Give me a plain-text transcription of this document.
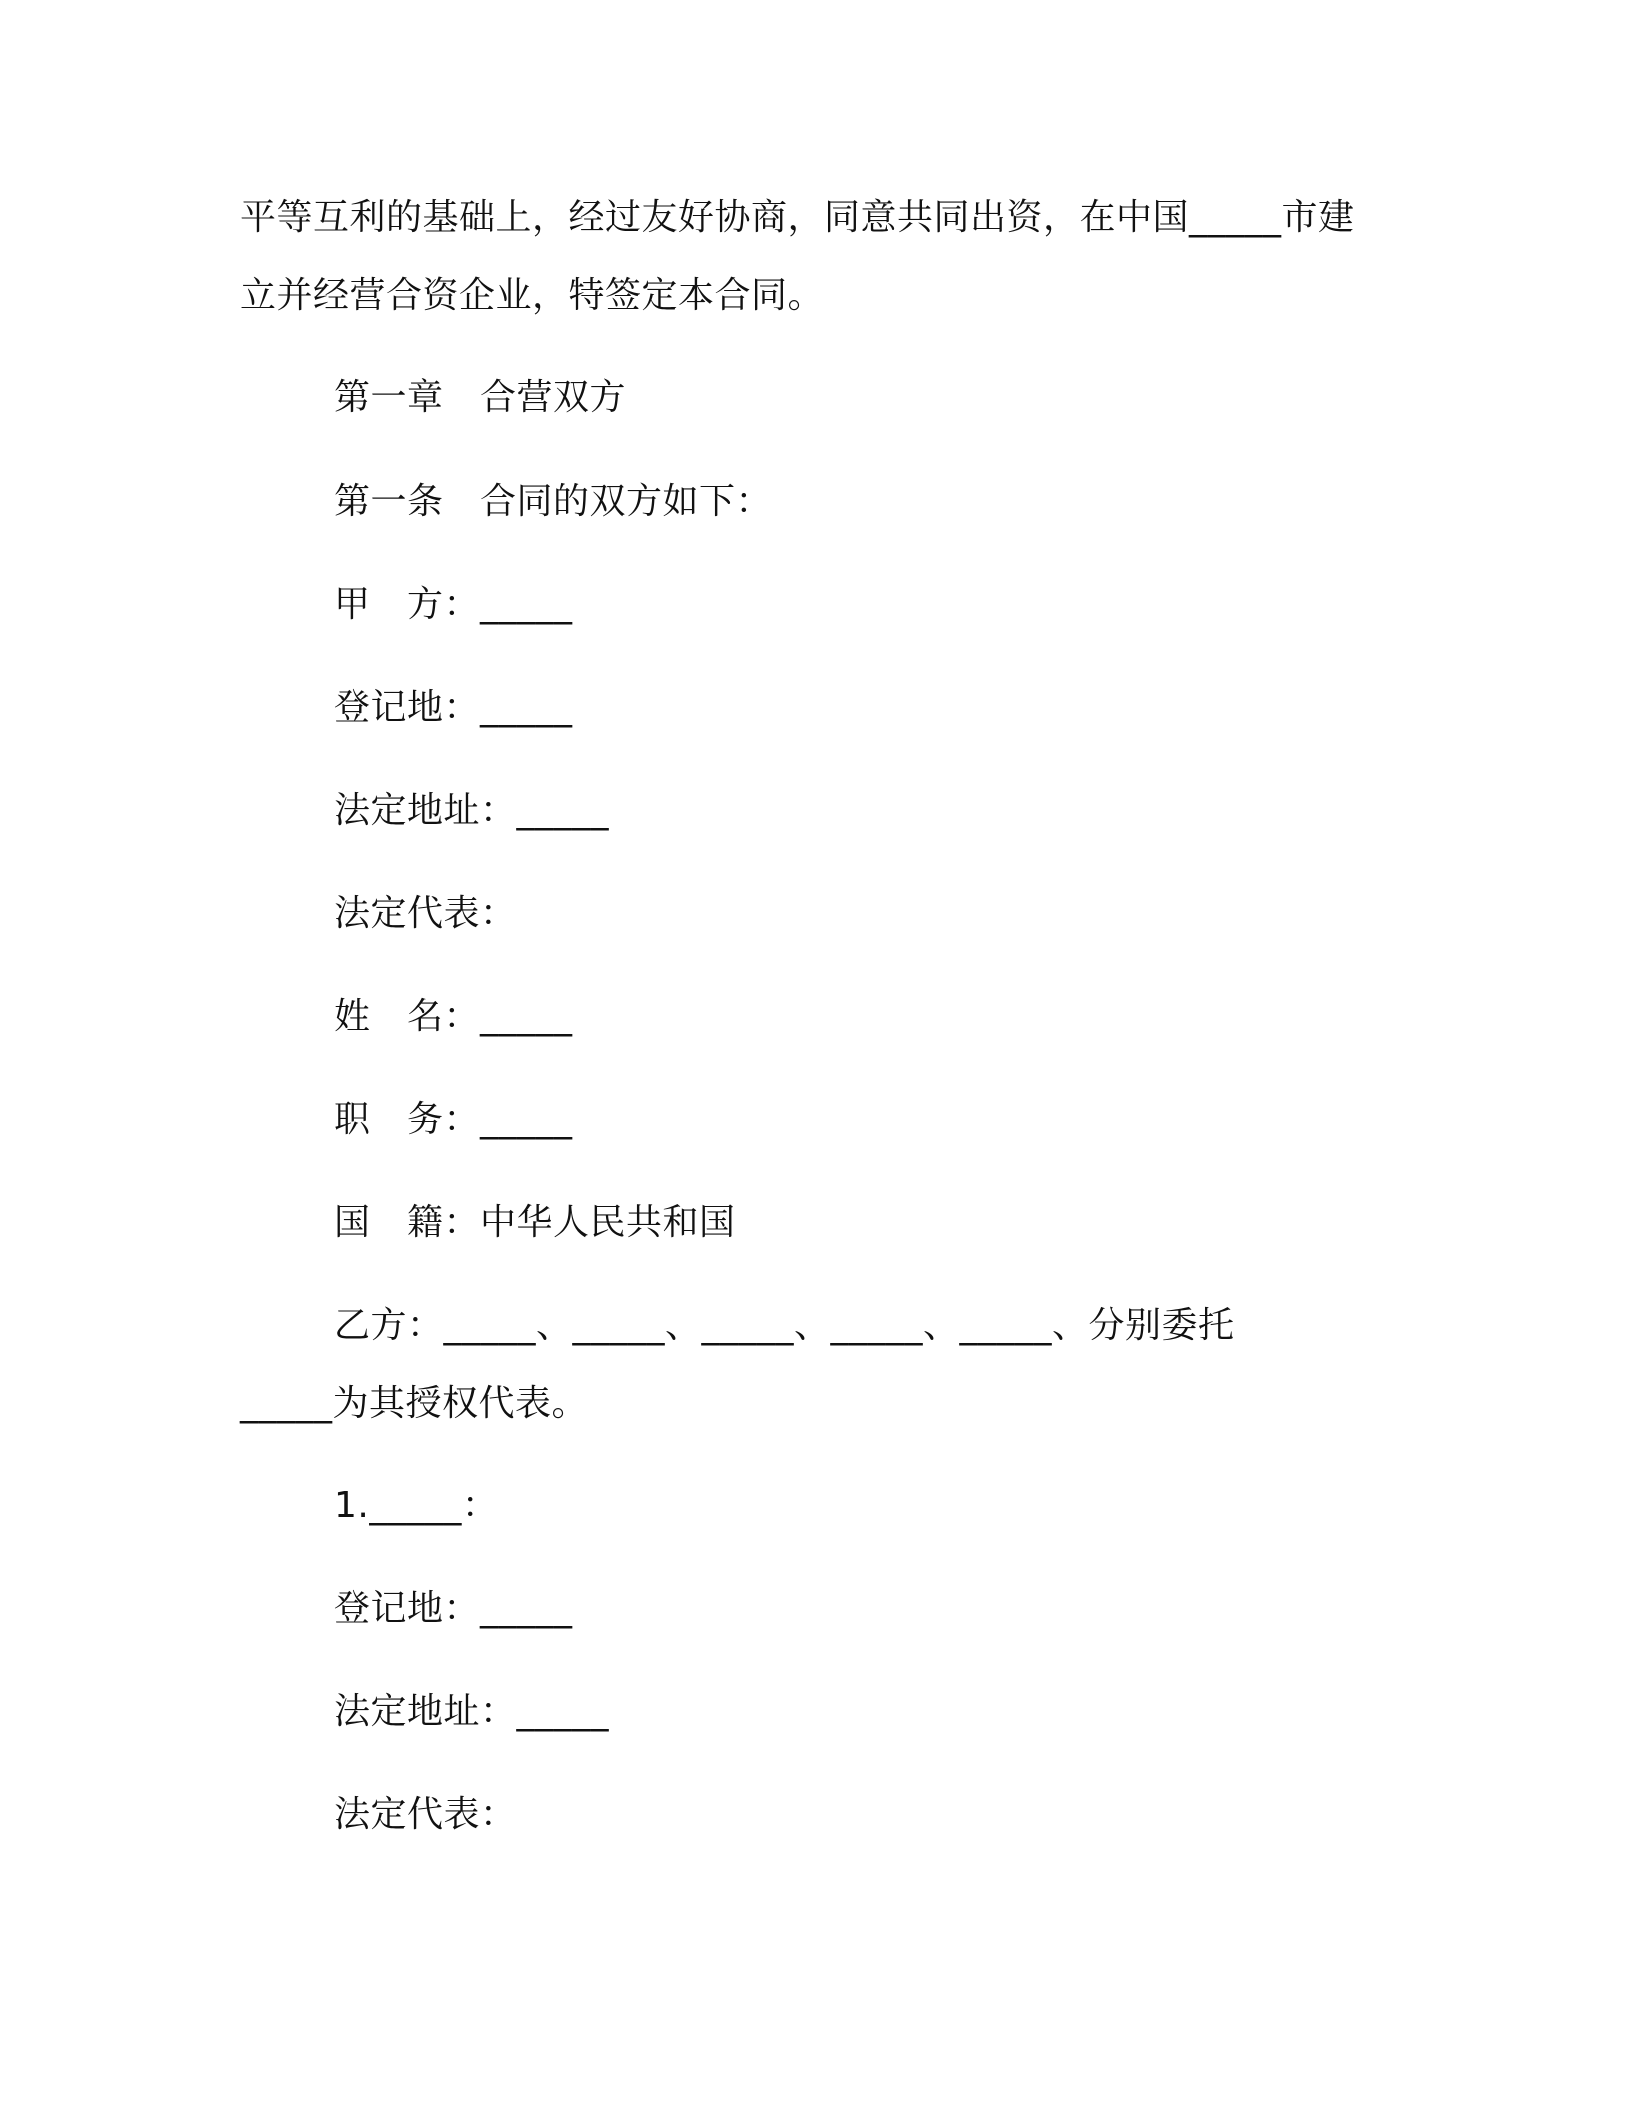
平等互利的基础上，经过友好协商，同意共同出资，在中国_____市建
立并经营合资企业，特签定本合同。
第一章　合营双方
第一条　合同的双方如下：
甲　方：_____
登记地：_____
法定地址：_____
法定代表：
姓　名：_____
职　务：_____
国　籍：中华人民共和国
乙方：_____、_____、_____、_____、_____、分别委托
_____为其授权代表。
1._____：
登记地：_____
法定地址：_____
法定代表：
